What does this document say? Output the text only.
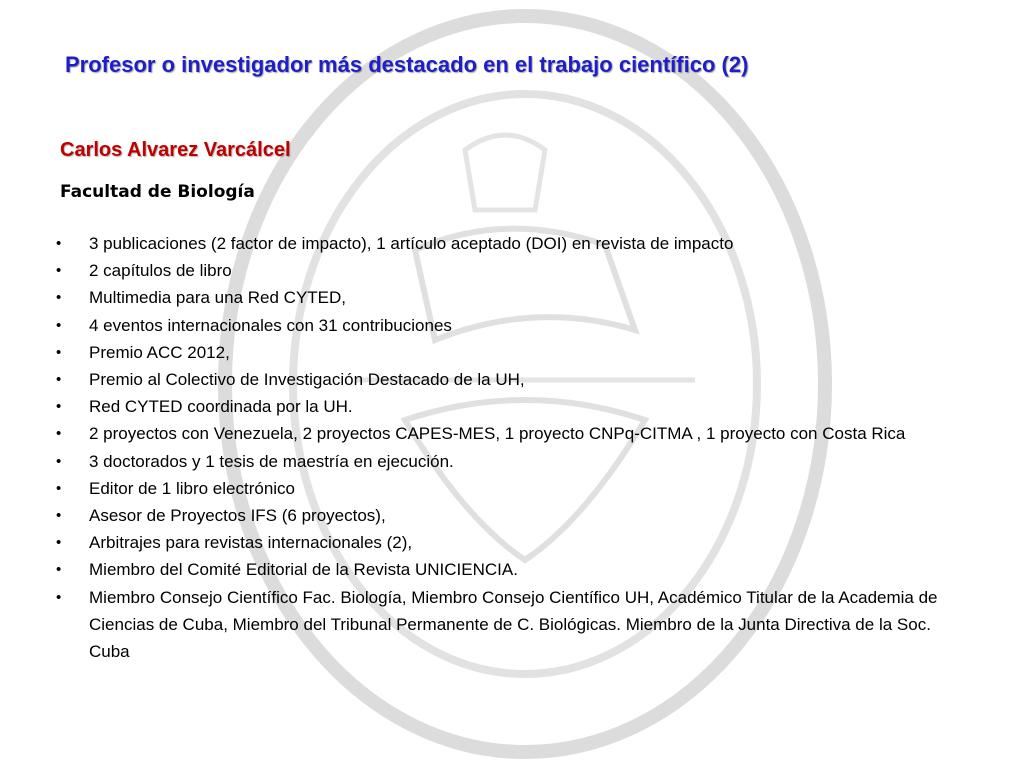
Profesor o investigador más destacado en el trabajo científico (2)
Carlos Alvarez Varcálcel
Facultad de Biología
•	3 publicaciones (2 factor de impacto), 1 artículo aceptado (DOI) en revista de impacto
•	2 capítulos de libro
•	Multimedia para una Red CYTED,
•	4 eventos internacionales con 31 contribuciones
•	Premio ACC 2012,
•	Premio al Colectivo de Investigación Destacado de la UH,
•	Red CYTED coordinada por la UH.
•	2 proyectos con Venezuela, 2 proyectos CAPES-MES, 1 proyecto CNPq-CITMA , 1 proyecto con Costa Rica
•	3 doctorados y 1 tesis de maestría en ejecución.
•	Editor de 1 libro electrónico
•	Asesor de Proyectos IFS (6 proyectos),
•	Arbitrajes para revistas internacionales (2),
•	Miembro del Comité Editorial de la Revista UNICIENCIA.
•	Miembro Consejo Científico Fac. Biología, Miembro Consejo Científico UH, Académico Titular de la Academia de Ciencias de Cuba, Miembro del Tribunal Permanente de C. Biológicas. Miembro de la Junta Directiva de la Soc. Cuba
